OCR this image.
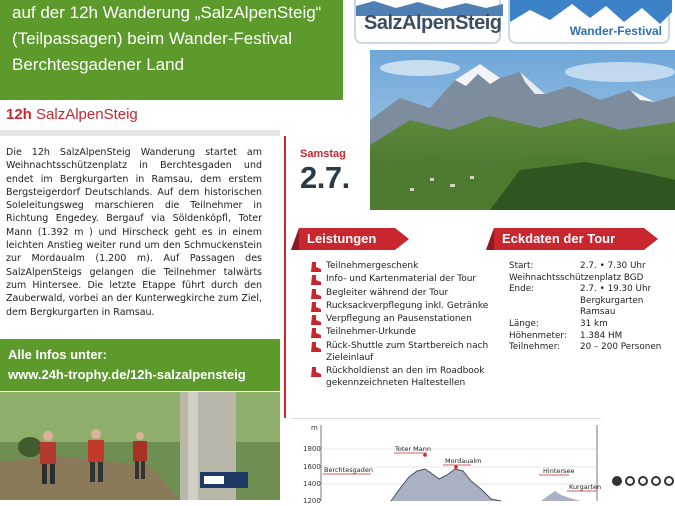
auf der 12h Wanderung „SalzAlpenSteig“

(Teilpassagen) beim Wander-Festival

Berchtesgadener Land

SalzAlpenSteig	Wander-Festival
12h SalzAlpenSteig

Die 12h SalzAlpenSteig Wanderung startet am Weihnachtsschützenplatz in Berchtesgaden und endet im Bergkurgarten in Ramsau, dem erstem Bergsteigerdorf Deutschlands. Auf dem historischen Soleleitungsweg marschieren die Teilnehmer in Richtung Engedey. Bergauf via Söldenköpfl, Toter Mann (1.392 m ) und Hirscheck geht es in einem leichten Anstieg weiter rund um den Schmuckenstein zur Mordaualm (1.200 m). Auf Passagen des SalzAlpenSteigs gelangen die Teilnehmer talwärts zum Hintersee. Die letzte Etappe führt durch den Zauberwald, vorbei an der Kunterwegkirche zum Ziel, dem Bergkurgarten in Ramsau.

Samstag
2.7.
Leistungen	Eckdaten der Tour
Teilnehmergeschenk
Info- und Kartenmaterial der Tour
Begleiter während der Tour
Rucksackverpflegung inkl. Getränke
Verpflegung an Pausenstationen
Teilnehmer-Urkunde
Rück-Shuttle zum Startbereich nach Zieleinlauf
Rückholdienst an den im Roadbook gekennzeichneten Haltestellen
Start:	2.7. • 7.30 Uhr
Weihnachtsschützenplatz BGD	
Ende:	2.7. • 19.30 Uhr
	Bergkurgarten
	Ramsau
Länge:	31 km
Höhenmeter:	1.384 HM
Teilnehmer:	20 – 200 Personen
Alle Infos unter:
www.24h-trophy.de/12h-salzalpensteig
m
1800
1600
1400
1200
Berchtesgaden
Toter Mann
Mordaualm
Hintersee
Kurgarten
